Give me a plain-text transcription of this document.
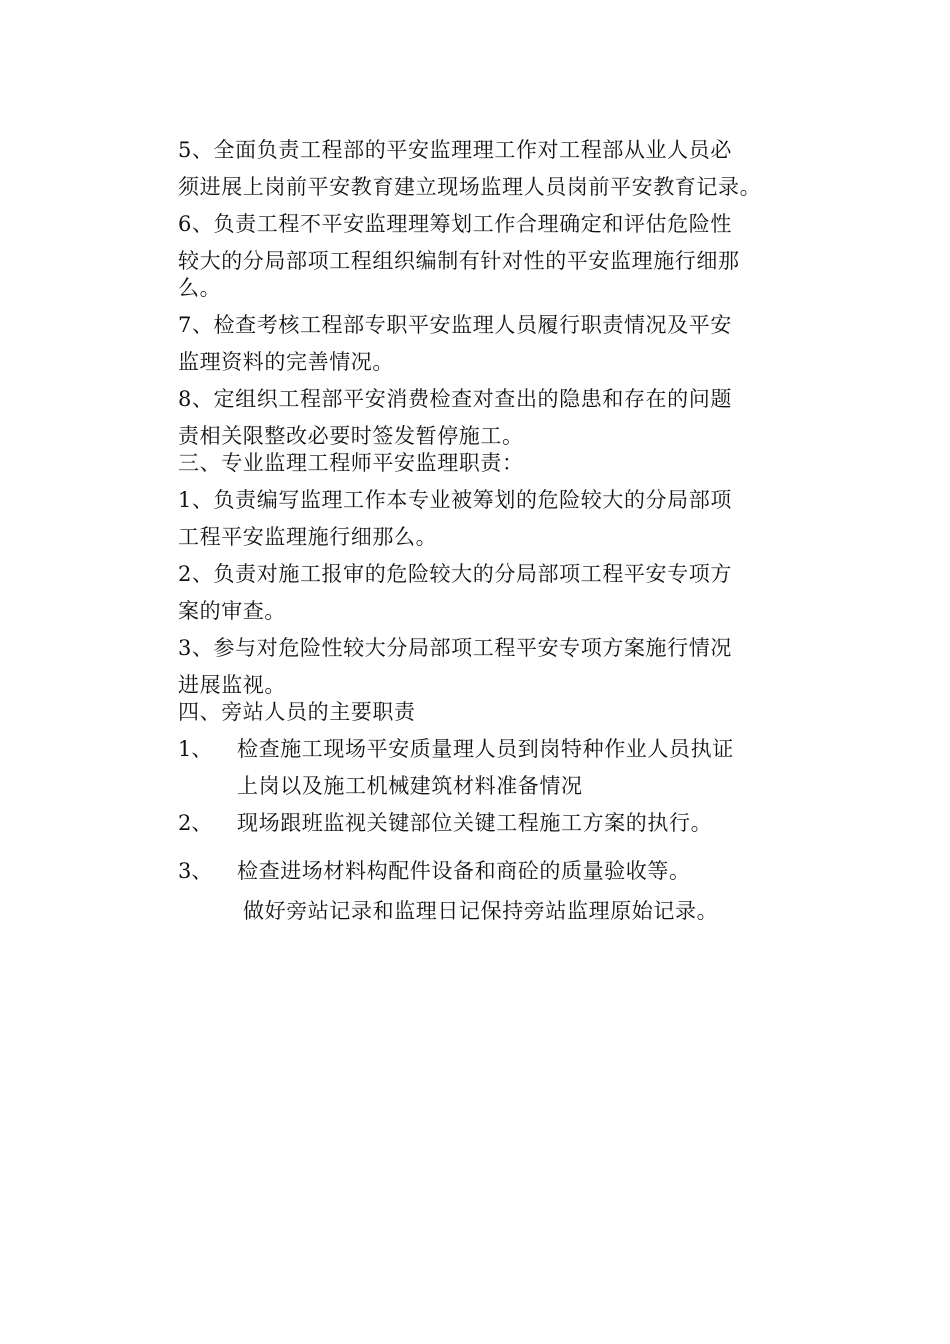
5、全面负责工程部的平安监理理工作对工程部从业人员必
须进展上岗前平安教育建立现场监理人员岗前平安教育记录。
6、负责工程不平安监理理筹划工作合理确定和评估危险性
较大的分局部项工程组织编制有针对性的平安监理施行细那
么。
7、检查考核工程部专职平安监理人员履行职责情况及平安
监理资料的完善情况。
8、定组织工程部平安消费检查对查出的隐患和存在的问题
责相关限整改必要时签发暂停施工。
三、专业监理工程师平安监理职责：
1、负责编写监理工作本专业被筹划的危险较大的分局部项
工程平安监理施行细那么。
2、负责对施工报审的危险较大的分局部项工程平安专项方
案的审查。
3、参与对危险性较大分局部项工程平安专项方案施行情况
进展监视。
四、旁站人员的主要职责
1、 检查施工现场平安质量理人员到岗特种作业人员执证
上岗以及施工机械建筑材料准备情况
2、 现场跟班监视关键部位关键工程施工方案的执行。
3、 检查进场材料构配件设备和商砼的质量验收等。
做好旁站记录和监理日记保持旁站监理原始记录。
